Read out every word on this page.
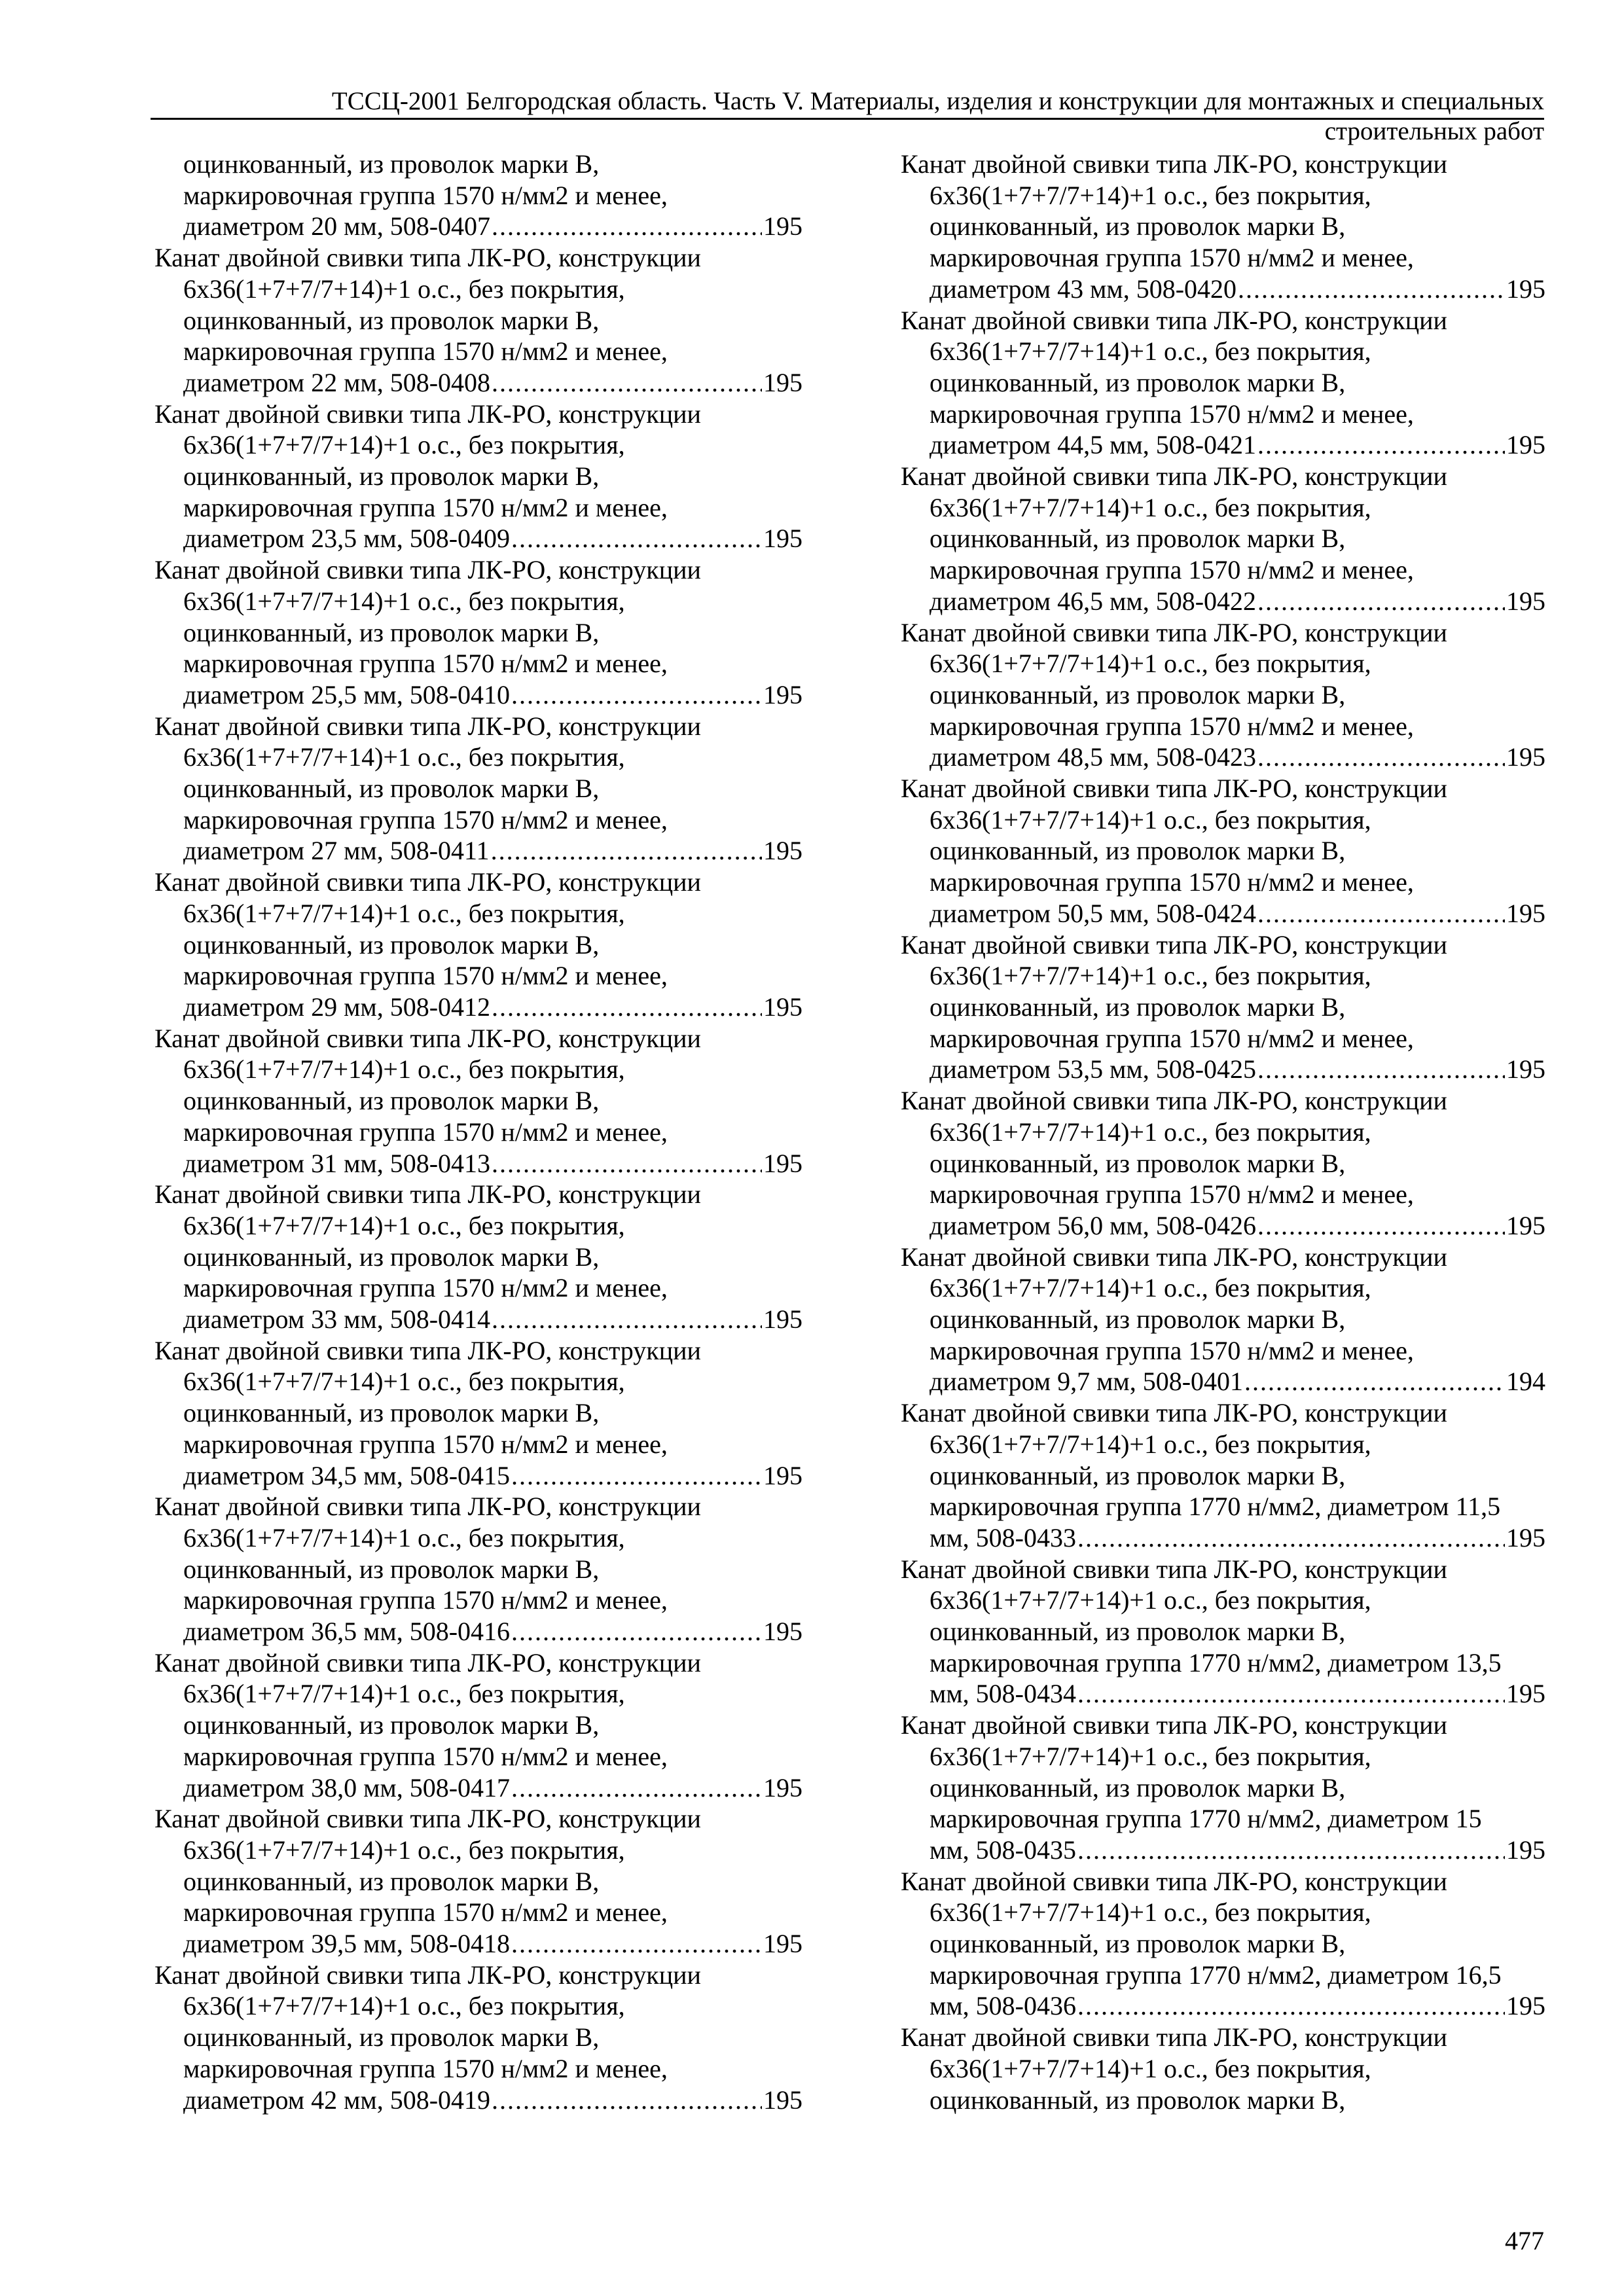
ТССЦ-2001 Белгородская область. Часть V. Материалы, изделия и конструкции для монтажных и специальных
строительных работ
оцинкованный, из проволок марки В,
маркировочная группа 1570 н/мм2 и менее,
диаметром 20 мм, 508-0407 . . .	195
Канат двойной свивки типа ЛК-РО, конструкции
6х36(1+7+7/7+14)+1 о.с., без покрытия,
оцинкованный, из проволок марки В,
маркировочная группа 1570 н/мм2 и менее,
диаметром 22 мм, 508-0408 . . .	195
Канат двойной свивки типа ЛК-РО, конструкции
6х36(1+7+7/7+14)+1 о.с., без покрытия,
оцинкованный, из проволок марки В,
маркировочная группа 1570 н/мм2 и менее,
диаметром 23,5 мм, 508-0409 . . .	195
Канат двойной свивки типа ЛК-РО, конструкции
6х36(1+7+7/7+14)+1 о.с., без покрытия,
оцинкованный, из проволок марки В,
маркировочная группа 1570 н/мм2 и менее,
диаметром 25,5 мм, 508-0410 . . .	195
Канат двойной свивки типа ЛК-РО, конструкции
6х36(1+7+7/7+14)+1 о.с., без покрытия,
оцинкованный, из проволок марки В,
маркировочная группа 1570 н/мм2 и менее,
диаметром 27 мм, 508-0411 . . .	195
Канат двойной свивки типа ЛК-РО, конструкции
6х36(1+7+7/7+14)+1 о.с., без покрытия,
оцинкованный, из проволок марки В,
маркировочная группа 1570 н/мм2 и менее,
диаметром 29 мм, 508-0412 . . .	195
Канат двойной свивки типа ЛК-РО, конструкции
6х36(1+7+7/7+14)+1 о.с., без покрытия,
оцинкованный, из проволок марки В,
маркировочная группа 1570 н/мм2 и менее,
диаметром 31 мм, 508-0413 . . .	195
Канат двойной свивки типа ЛК-РО, конструкции
6х36(1+7+7/7+14)+1 о.с., без покрытия,
оцинкованный, из проволок марки В,
маркировочная группа 1570 н/мм2 и менее,
диаметром 33 мм, 508-0414 . . .	195
Канат двойной свивки типа ЛК-РО, конструкции
6х36(1+7+7/7+14)+1 о.с., без покрытия,
оцинкованный, из проволок марки В,
маркировочная группа 1570 н/мм2 и менее,
диаметром 34,5 мм, 508-0415 . . .	195
Канат двойной свивки типа ЛК-РО, конструкции
6х36(1+7+7/7+14)+1 о.с., без покрытия,
оцинкованный, из проволок марки В,
маркировочная группа 1570 н/мм2 и менее,
диаметром 36,5 мм, 508-0416 . . .	195
Канат двойной свивки типа ЛК-РО, конструкции
6х36(1+7+7/7+14)+1 о.с., без покрытия,
оцинкованный, из проволок марки В,
маркировочная группа 1570 н/мм2 и менее,
диаметром 38,0 мм, 508-0417 . . .	195
Канат двойной свивки типа ЛК-РО, конструкции
6х36(1+7+7/7+14)+1 о.с., без покрытия,
оцинкованный, из проволок марки В,
маркировочная группа 1570 н/мм2 и менее,
диаметром 39,5 мм, 508-0418 . . .	195
Канат двойной свивки типа ЛК-РО, конструкции
6х36(1+7+7/7+14)+1 о.с., без покрытия,
оцинкованный, из проволок марки В,
маркировочная группа 1570 н/мм2 и менее,
диаметром 42 мм, 508-0419 . . .	195
Канат двойной свивки типа ЛК-РО, конструкции
6х36(1+7+7/7+14)+1 о.с., без покрытия,
оцинкованный, из проволок марки В,
маркировочная группа 1570 н/мм2 и менее,
диаметром 43 мм, 508-0420 . . .	195
Канат двойной свивки типа ЛК-РО, конструкции
6х36(1+7+7/7+14)+1 о.с., без покрытия,
оцинкованный, из проволок марки В,
маркировочная группа 1570 н/мм2 и менее,
диаметром 44,5 мм, 508-0421 . . .	195
Канат двойной свивки типа ЛК-РО, конструкции
6х36(1+7+7/7+14)+1 о.с., без покрытия,
оцинкованный, из проволок марки В,
маркировочная группа 1570 н/мм2 и менее,
диаметром 46,5 мм, 508-0422 . . .	195
Канат двойной свивки типа ЛК-РО, конструкции
6х36(1+7+7/7+14)+1 о.с., без покрытия,
оцинкованный, из проволок марки В,
маркировочная группа 1570 н/мм2 и менее,
диаметром 48,5 мм, 508-0423 . . .	195
Канат двойной свивки типа ЛК-РО, конструкции
6х36(1+7+7/7+14)+1 о.с., без покрытия,
оцинкованный, из проволок марки В,
маркировочная группа 1570 н/мм2 и менее,
диаметром 50,5 мм, 508-0424 . . .	195
Канат двойной свивки типа ЛК-РО, конструкции
6х36(1+7+7/7+14)+1 о.с., без покрытия,
оцинкованный, из проволок марки В,
маркировочная группа 1570 н/мм2 и менее,
диаметром 53,5 мм, 508-0425 . . .	195
Канат двойной свивки типа ЛК-РО, конструкции
6х36(1+7+7/7+14)+1 о.с., без покрытия,
оцинкованный, из проволок марки В,
маркировочная группа 1570 н/мм2 и менее,
диаметром 56,0 мм, 508-0426 . . .	195
Канат двойной свивки типа ЛК-РО, конструкции
6х36(1+7+7/7+14)+1 о.с., без покрытия,
оцинкованный, из проволок марки В,
маркировочная группа 1570 н/мм2 и менее,
диаметром 9,7 мм, 508-0401 . . .	194
Канат двойной свивки типа ЛК-РО, конструкции
6х36(1+7+7/7+14)+1 о.с., без покрытия,
оцинкованный, из проволок марки В,
маркировочная группа 1770 н/мм2, диаметром 11,5
мм, 508-0433 . . .	195
Канат двойной свивки типа ЛК-РО, конструкции
6х36(1+7+7/7+14)+1 о.с., без покрытия,
оцинкованный, из проволок марки В,
маркировочная группа 1770 н/мм2, диаметром 13,5
мм, 508-0434 . . .	195
Канат двойной свивки типа ЛК-РО, конструкции
6х36(1+7+7/7+14)+1 о.с., без покрытия,
оцинкованный, из проволок марки В,
маркировочная группа 1770 н/мм2, диаметром 15
мм, 508-0435 . . .	195
Канат двойной свивки типа ЛК-РО, конструкции
6х36(1+7+7/7+14)+1 о.с., без покрытия,
оцинкованный, из проволок марки В,
маркировочная группа 1770 н/мм2, диаметром 16,5
мм, 508-0436 . . .	195
Канат двойной свивки типа ЛК-РО, конструкции
6х36(1+7+7/7+14)+1 о.с., без покрытия,
оцинкованный, из проволок марки В,
477
